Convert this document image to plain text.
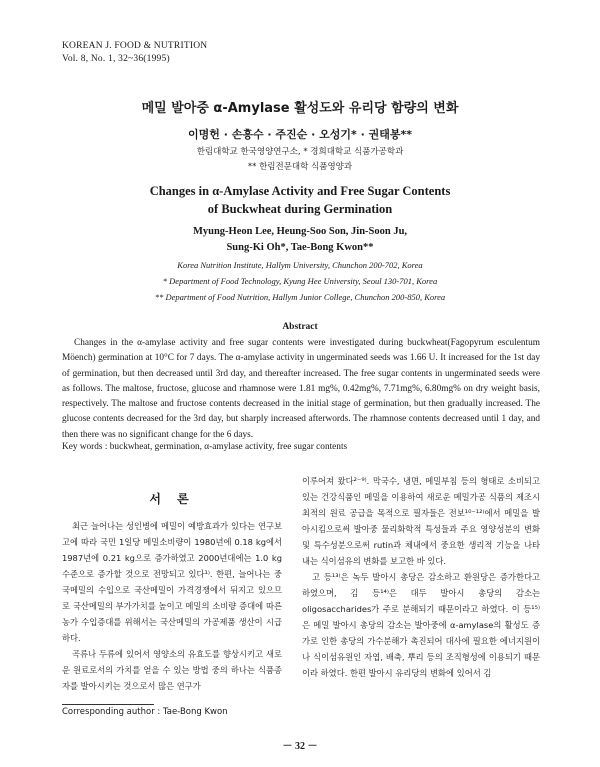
KOREAN J. FOOD & NUTRITION
Vol. 8, No. 1, 32~36(1995)
메밀 발아중 α-Amylase 활성도와 유리당 함량의 변화
이명헌 · 손흥수 · 주진순 · 오성기* · 권태봉**
한림대학교 한국영양연구소, * 경희대학교 식품가공학과
** 한림전문대학 식품영양과
Changes in α-Amylase Activity and Free Sugar Contents
of Buckwheat during Germination
Myung-Heon Lee, Heung-Soo Son, Jin-Soon Ju,
Sung-Ki Oh*, Tae-Bong Kwon**
Korea Nutrition Institute, Hallym University, Chunchon 200-702, Korea
* Department of Food Technology, Kyung Hee University, Seoul 130-701, Korea
** Department of Food Nutrition, Hallym Junior College, Chunchon 200-850, Korea
Abstract

Changes in the α-amylase activity and free sugar contents were investigated during buckwheat(Fagopyrum esculentum Möench) germination at 10°C for 7 days. The α-amylase activity in ungerminated seeds was 1.66 U. It increased for the 1st day of germination, but then decreased until 3rd day, and thereafter increased. The free sugar contents in ungerminated seeds were as follows. The maltose, fructose, glucose and rhamnose were 1.81 mg%, 0.42mg%, 7.71mg%, 6.80mg% on dry weight basis, respectively. The maltose and fructose contents decreased in the initial stage of germination, but then gradually increased. The glucose contents decreased for the 3rd day, but sharply increased afterwords. The rhamnose contents decreased until 1 day, and then there was no significant change for the 6 days.

Key words : buckwheat, germination, α-amylase activity, free sugar contents
서 론

최근 늘어나는 성인병에 메밀이 예방효과가 있다는 연구보고에 따라 국민 1일당 메밀소비량이 1980년에 0.18 kg에서 1987년에 0.21 kg으로 증가하였고 2000년대에는 1.0 kg 수준으로 증가할 것으로 전망되고 있다¹⁾. 한편, 늘어나는 중국메밀의 수입으로 국산메밀이 가격경쟁에서 뒤지고 있으므로 국산메밀의 부가가치를 높이고 메밀의 소비량 증대에 따른 농가 수입증대를 위해서는 국산메밀의 가공제품 생산이 시급하다.

곡류나 두류에 있어서 영양소의 유효도를 향상시키고 새로운 원료로서의 가치를 얻을 수 있는 방법 중의 하나는 식품종자를 발아시키는 것으로서 많은 연구가

이루어져 왔다²⁻⁹⁾. 막국수, 냉면, 메밀부침 등의 형태로 소비되고 있는 건강식품인 메밀을 이용하여 새로운 메밀가공 식품의 제조시 최적의 원료 공급을 목적으로 필자들은 전보¹⁰⁻¹²⁾에서 메밀을 발아시킴으로써 발아중 물리화학적 특성들과 주요 영양성분의 변화 및 특수성분으로써 rutin과 체내에서 중요한 생리적 기능을 나타내는 식이섬유의 변화를 보고한 바 있다.

고 등¹³⁾은 녹두 발아시 총당은 감소하고 환원당은 증가한다고 하였으며, 김 등¹⁴⁾은 대두 발아시 총당의 감소는 oligosaccharides가 주로 분해되기 때문이라고 하였다. 이 등¹⁵⁾은 메밀 발아시 총당의 감소는 발아중에 α-amylase의 활성도 증가로 인한 총당의 가수분해가 촉진되어 대사에 필요한 에너지원이나 식이섬유원인 자엽, 배축, 뿌리 등의 조직형성에 이용되기 때문이라 하였다. 한편 발아시 유리당의 변화에 있어서 김

Corresponding author : Tae-Bong Kwon
－ 32 －
